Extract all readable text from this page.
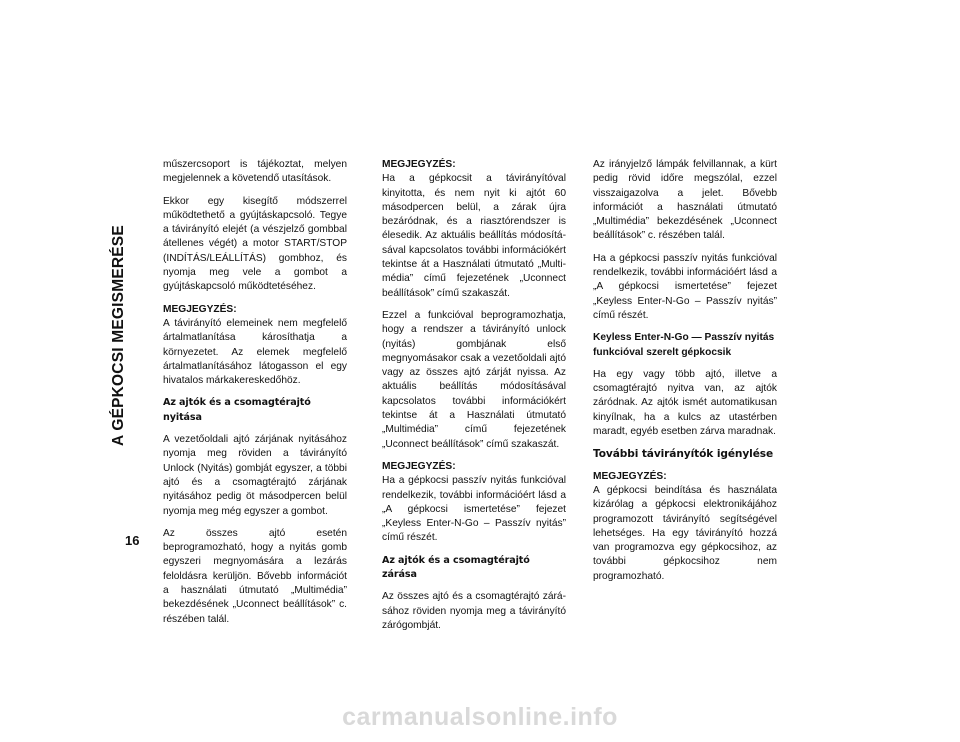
A GÉPKOCSI MEGISMERÉSE
16

műszercsoport is tájékoztat, melyen megjelennek a követendő utasítások.

Ekkor egy kisegítő módszerrel működtethető a gyújtáskapcsoló. Tegye a távirányító elejét (a vészjelző gombbal átellenes végét) a motor START/STOP (INDÍTÁS/LEÁLLÍTÁS) gombhoz, és nyomja meg vele a gombot a gyújtáskapcsoló működtetéséhez.

MEGJEGYZÉS:
A távirányító elemeinek nem megfelelő ártalmatlanítása károsíthatja a környezetet. Az elemek megfelelő ártalmatlanításához látogasson el egy hivatalos márkakereskedőhöz.

Az ajtók és a csomagtérajtó nyitása

A vezetőoldali ajtó zárjának nyitásához nyomja meg röviden a távirányító Unlock (Nyitás) gombját egyszer, a többi ajtó és a csomagtérajtó zárjának nyitásához pedig öt másodpercen belül nyomja meg még egyszer a gombot.

Az összes ajtó esetén beprogramozható, hogy a nyitás gomb egyszeri megnyomására a lezárás feloldásra kerüljön. Bővebb információt a használati útmutató „Multimédia” bekezdésének „Uconnect beállítások” c. részében talál.

MEGJEGYZÉS:
Ha a gépkocsit a távirányítóval kinyitotta, és nem nyit ki ajtót 60 másodpercen belül, a zárak újra bezáródnak, és a riasztórendszer is élesedik. Az aktuális beállítás módosításával kapcsolatos további információkért tekintse át a Használati útmutató „Multimédia” című fejezetének „Uconnect beállítások” című szakaszát.

Ezzel a funkcióval beprogramozhatja, hogy a rendszer a távirányító unlock (nyitás) gombjának első megnyomásakor csak a vezetőoldali ajtó vagy az összes ajtó zárját nyissa. Az aktuális beállítás módosításával kapcsolatos további információkért tekintse át a Használati útmutató „Multimédia” című fejezetének „Uconnect beállítások” című szakaszát.

MEGJEGYZÉS:
Ha a gépkocsi passzív nyitás funkcióval rendelkezik, további információért lásd a „A gépkocsi ismertetése” fejezet „Keyless Enter-N-Go – Passzív nyitás” című részét.

Az ajtók és a csomagtérajtó zárása

Az összes ajtó és a csomagtérajtó zárásához röviden nyomja meg a távirányító zárógombját.

Az irányjelző lámpák felvillannak, a kürt pedig rövid időre megszólal, ezzel visszaigazolva a jelet. Bővebb információt a használati útmutató „Multimédia” bekezdésének „Uconnect beállítások” c. részében talál.

Ha a gépkocsi passzív nyitás funkcióval rendelkezik, további információért lásd a „A gépkocsi ismertetése” fejezet „Keyless Enter-N-Go – Passzív nyitás” című részét.

Keyless Enter-N-Go — Passzív nyitás funkcióval szerelt gépkocsik

Ha egy vagy több ajtó, illetve a csomagtérajtó nyitva van, az ajtók záródnak. Az ajtók ismét automatikusan kinyílnak, ha a kulcs az utastérben maradt, egyéb esetben zárva maradnak.

További távirányítók igénylése

MEGJEGYZÉS:
A gépkocsi beindítása és használata kizárólag a gépkocsi elektronikájához programozott távirányító segítségével lehetséges. Ha egy távirányító hozzá van programozva egy gépkocsihoz, az további gépkocsihoz nem programozható.

carmanualsonline.info
